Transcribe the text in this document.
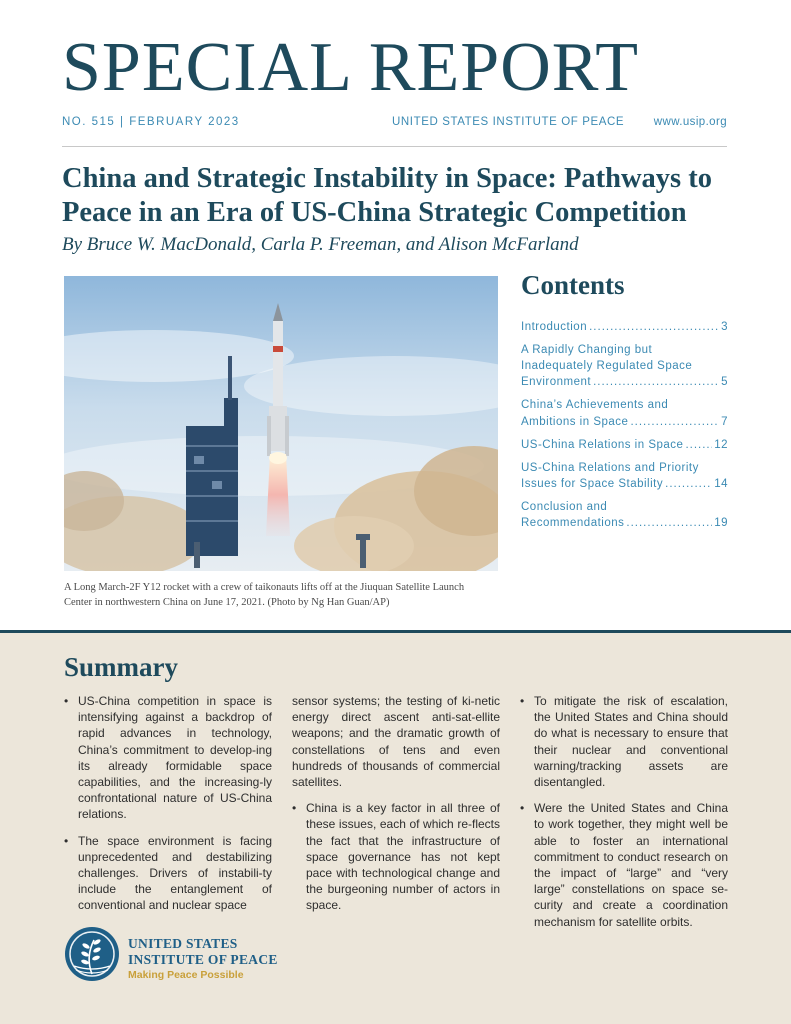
SPECIAL REPORT
NO. 515 | FEBRUARY 2023	UNITED STATES INSTITUTE OF PEACE	www.usip.org
China and Strategic Instability in Space: Pathways to
Peace in an Era of US-China Strategic Competition
By Bruce W. MacDonald, Carla P. Freeman, and Alison McFarland
A Long March-2F Y12 rocket with a crew of taikonauts lifts off at the Jiuquan Satellite Launch
Center in northwestern China on June 17, 2021. (Photo by Ng Han Guan/AP)
Contents
Introduction .....	3
A Rapidly Changing but
Inadequately Regulated Space
Environment .....	5
China’s Achievements and
Ambitions in Space .....	7
US-China Relations in Space .....	12
US-China Relations and Priority
Issues for Space Stability .....	14
Conclusion and
Recommendations .....	19
Summary

• US-China competition in space is intensifying against a backdrop of rapid advances in technology, China’s commitment to develop-ing its already formidable space capabilities, and the increasing-ly confrontational nature of US-China relations.

• The space environment is facing unprecedented and destabilizing challenges. Drivers of instabili-ty include the entanglement of conventional and nuclear space

sensor systems; the testing of ki-netic energy direct ascent anti-sat-ellite weapons; and the dramatic growth of constellations of tens and even hundreds of thousands of commercial satellites.

• China is a key factor in all three of these issues, each of which re-flects the fact that the infrastructure of space governance has not kept pace with technological change and the burgeoning number of actors in space.

• To mitigate the risk of escalation, the United States and China should do what is necessary to ensure that their nuclear and conventional warning/tracking assets are disentangled.

• Were the United States and China to work together, they might well be able to foster an international commitment to conduct research on the impact of “large” and “very large” constellations on space se-curity and create a coordination mechanism for satellite orbits.

UNITED STATES
INSTITUTE OF PEACE
Making Peace Possible
